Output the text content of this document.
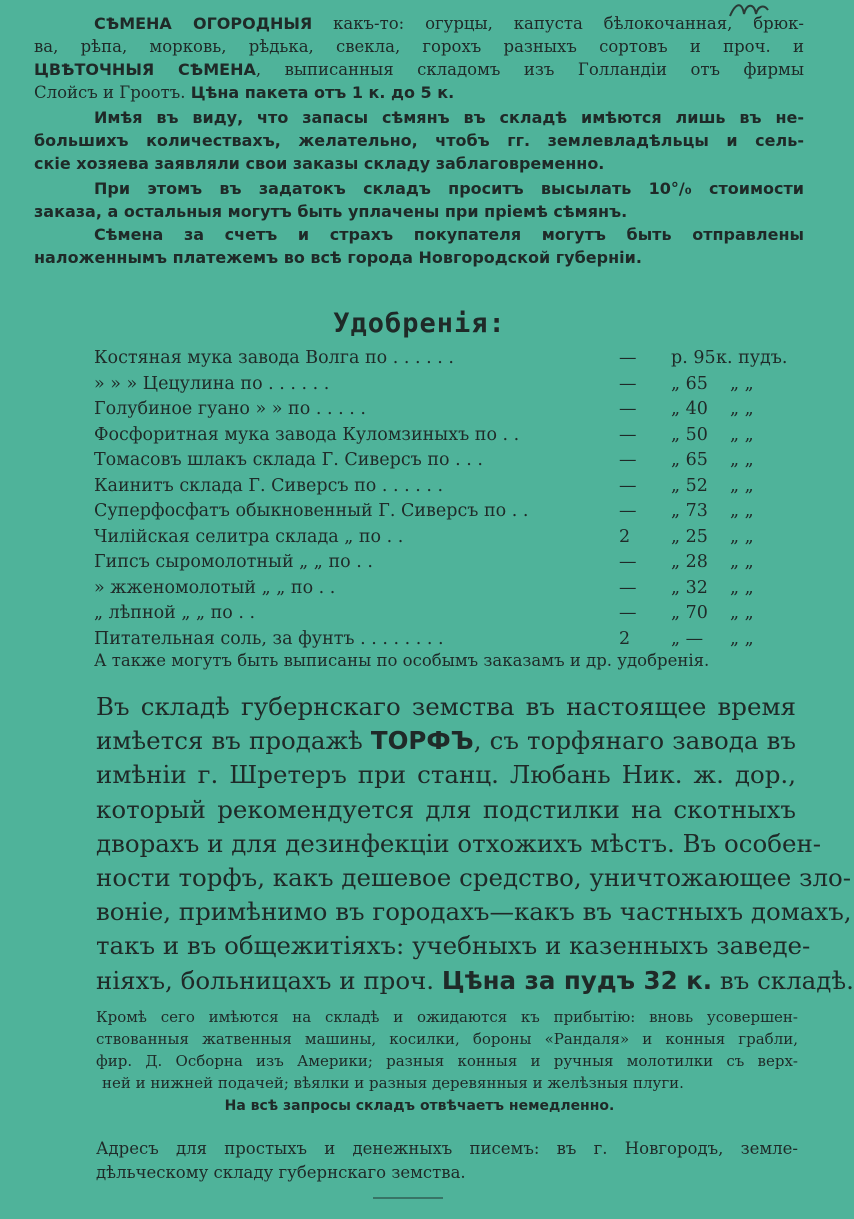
СѢМЕНА ОГОРОДНЫЯ какъ-то: огурцы, капуста бѣлокочанная, брюк-
ва, рѣпа, морковь, рѣдька, свекла, горохъ разныхъ сортовъ и проч. и
ЦВѢТОЧНЫЯ СѢМЕНА, выписанныя складомъ изъ Голландіи отъ фирмы
Слойсъ и Гроотъ. Цѣна пакета отъ 1 к. до 5 к.
Имѣя въ виду, что запасы сѣмянъ въ складѣ имѣются лишь въ не-
большихъ количествахъ, желательно, чтобъ гг. землевладѣльцы и сель-
скіе хозяева заявляли свои заказы складу заблаговременно.
При этомъ въ задатокъ складъ проситъ высылать 10°/₀ стоимости
заказа, а остальныя могутъ быть уплачены при пріемѣ сѣмянъ.
Сѣмена за счетъ и страхъ покупателя могутъ быть отправлены
наложеннымъ платежемъ во всѣ города Новгородской губерніи.
Удобренія:
Костяная мука завода Волга по . . . . . .	— р. 95 к. пудъ.
» » » Цецулина по . . . . . .	— „ 65 „ „
Голубиное гуано » » по . . . . .	— „ 40 „ „
Фосфоритная мука завода Куломзиныхъ по . .	— „ 50 „ „
Томасовъ шлакъ склада Г. Сиверсъ по . . .	— „ 65 „ „
Каинитъ склада Г. Сиверсъ по . . . . . .	— „ 52 „ „
Суперфосфатъ обыкновенный Г. Сиверсъ по . .	— „ 73 „ „
Чилійская селитра склада „ по . .	2 „ 25 „ „
Гипсъ сыромолотный „ „ по . .	— „ 28 „ „
» жженомолотый „ „ по . .	— „ 32 „ „
„ лѣпной „ „ по . .	— „ 70 „ „
Питательная соль, за фунтъ . . . . . . . .	2 „ — „ „
А также могутъ быть выписаны по особымъ заказамъ и др. удобренія.
Въ складѣ губернскаго земства въ настоящее время
имѣется въ продажѣ ТОРФЪ, съ торфянаго завода въ
имѣніи г. Шретеръ при станц. Любань Ник. ж. дор.,
который рекомендуется для подстилки на скотныхъ
дворахъ и для дезинфекціи отхожихъ мѣстъ. Въ особен-
ности торфъ, какъ дешевое средство, уничтожающее зло-
воніе, примѣнимо въ городахъ—какъ въ частныхъ домахъ,
такъ и въ общежитіяхъ: учебныхъ и казенныхъ заведе-
ніяхъ, больницахъ и проч. Цѣна за пудъ 32 к. въ складѣ.
Кромѣ сего имѣются на складѣ и ожидаются къ прибытію: вновь усовершен-
ствованныя жатвенныя машины, косилки, бороны «Рандаля» и конныя грабли,
фир. Д. Осборна изъ Америки; разныя конныя и ручныя молотилки съ верх-
ней и нижней подачей; вѣялки и разныя деревянныя и желѣзныя плуги.
На всѣ запросы складъ отвѣчаетъ немедленно.
Адресъ для простыхъ и денежныхъ писемъ: въ г. Новгородъ, земле-
дѣльческому складу губернскаго земства.
